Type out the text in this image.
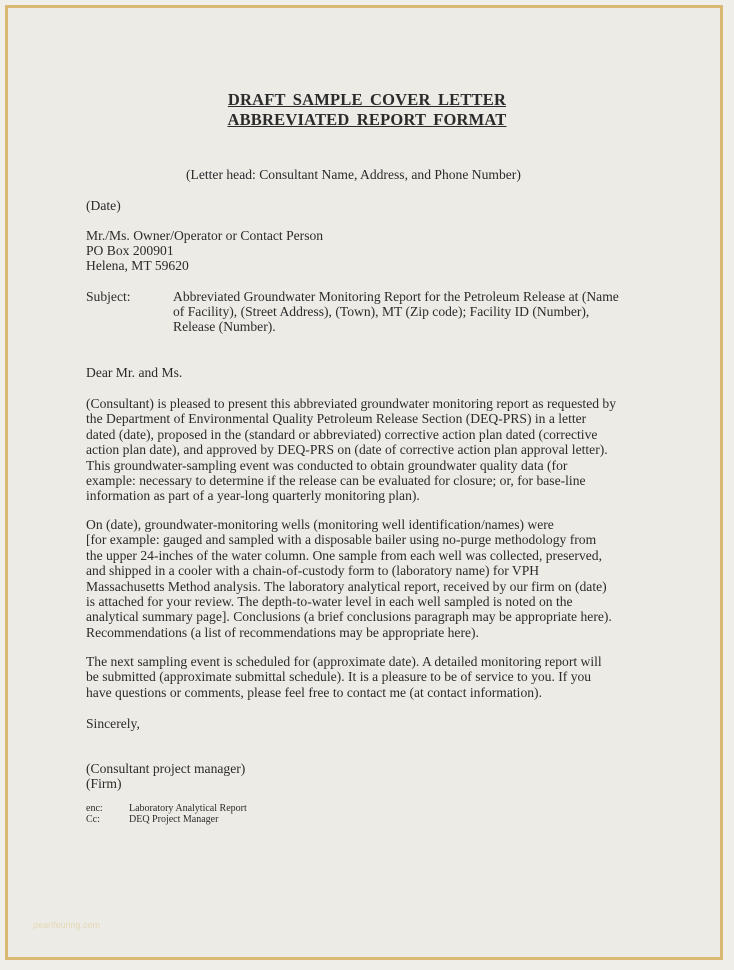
DRAFT SAMPLE COVER LETTER
ABBREVIATED REPORT FORMAT
(Letter head: Consultant Name, Address, and Phone Number)
(Date)
Mr./Ms. Owner/Operator or Contact Person
PO Box 200901
Helena, MT 59620
Subject:	Abbreviated Groundwater Monitoring Report for the Petroleum Release at (Name
of Facility), (Street Address), (Town), MT (Zip code); Facility ID (Number),
Release (Number).
Dear Mr. and Ms.
(Consultant) is pleased to present this abbreviated groundwater monitoring report as requested by
the Department of Environmental Quality Petroleum Release Section (DEQ-PRS) in a letter
dated (date), proposed in the (standard or abbreviated) corrective action plan dated (corrective
action plan date), and approved by DEQ-PRS on (date of corrective action plan approval letter).
This groundwater-sampling event was conducted to obtain groundwater quality data (for
example: necessary to determine if the release can be evaluated for closure; or, for base-line
information as part of a year-long quarterly monitoring plan).
On (date), groundwater-monitoring wells (monitoring well identification/names) were
[for example: gauged and sampled with a disposable bailer using no-purge methodology from
the upper 24-inches of the water column. One sample from each well was collected, preserved,
and shipped in a cooler with a chain-of-custody form to (laboratory name) for VPH
Massachusetts Method analysis. The laboratory analytical report, received by our firm on (date)
is attached for your review. The depth-to-water level in each well sampled is noted on the
analytical summary page]. Conclusions (a brief conclusions paragraph may be appropriate here).
Recommendations (a list of recommendations may be appropriate here).
The next sampling event is scheduled for (approximate date). A detailed monitoring report will
be submitted (approximate submittal schedule). It is a pleasure to be of service to you. If you
have questions or comments, please feel free to contact me (at contact information).
Sincerely,
(Consultant project manager)
(Firm)
enc:	Laboratory Analytical Report
Cc:	DEQ Project Manager
pearlfeuring.com
